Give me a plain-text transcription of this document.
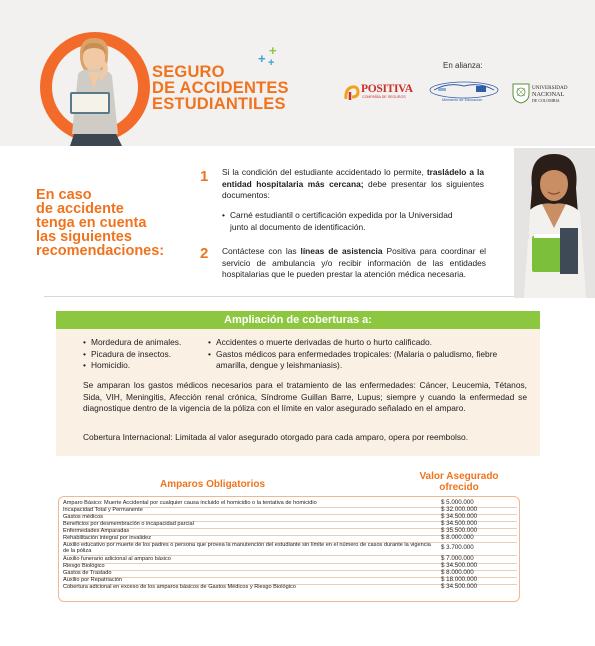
+
+
+
SEGURO
DE ACCIDENTES
ESTUDIANTILES
En alianza:
POSITIVA
COMPAÑÍA DE SEGUROS
Ministerio de Educación
UNIVERSIDAD
NACIONAL
DE COLOMBIA
En caso
de accidente
tenga en cuenta
las siguientes
recomendaciones:
1 Si la condición del estudiante accidentado lo permite, trasládelo a la entidad hospitalaria más cercana; debe presentar los siguientes documentos:
• Carné estudiantil o certificación expedida por la Universidad
junto al documento de identificación.
2 Contáctese con las líneas de asistencia Positiva para coordinar el servicio de ambulancia y/o recibir información de las entidades hospitalarias que le pueden prestar la atención médica necesaria.
Ampliación de coberturas a:
• Mordedura de animales.
• Picadura de insectos.
• Homicidio.
• Accidentes o muerte derivadas de hurto o hurto calificado.
• Gastos médicos para enfermedades tropicales: (Malaria o paludismo, fiebre amarilla, dengue y leishmaniasis).
Se amparan los gastos médicos necesarios para el tratamiento de las enfermedades: Cáncer, Leucemia, Tétanos, Sida, VIH, Meningitis, Afección renal crónica, Síndrome Guillan Barre, Lupus; siempre y cuando la enfermedad se diagnostique dentro de la vigencia de la póliza con el límite en valor asegurado señalado en el amparo.
Cobertura Internacional: Limitada al valor asegurado otorgado para cada amparo, opera por reembolso.
Amparos Obligatorios
Valor Asegurado
ofrecido
Amparo Básico: Muerte Accidental por cualquier causa incluido el homicidio o la tentativa de homicidio	$ 5.000.000
Incapacidad Total y Permanente	$ 32.000.000
Gastos médicos	$ 34.500.000
Beneficios por desmembración o incapacidad parcial	$ 34.500.000
Enfermedades Amparadas	$ 35.500.000
Rehabilitación integral por invalidez	$ 8.000.000
Auxilio educativo por muerte de los padres o persona que provea la manutención del estudiante sin límite en el número de casos durante la vigencia de la póliza
$ 3.700.000
Auxilio funerario adicional al amparo básico	$ 7.000.000
Riesgo Biológico	$ 34.500.000
Gastos de Traslado	$ 8.000.000
Auxilio por Repatriación	$ 18.000.000
Cobertura adicional en exceso de los amparos básicos de Gastos Médicos y Riesgo Biológico	$ 34.500.000
